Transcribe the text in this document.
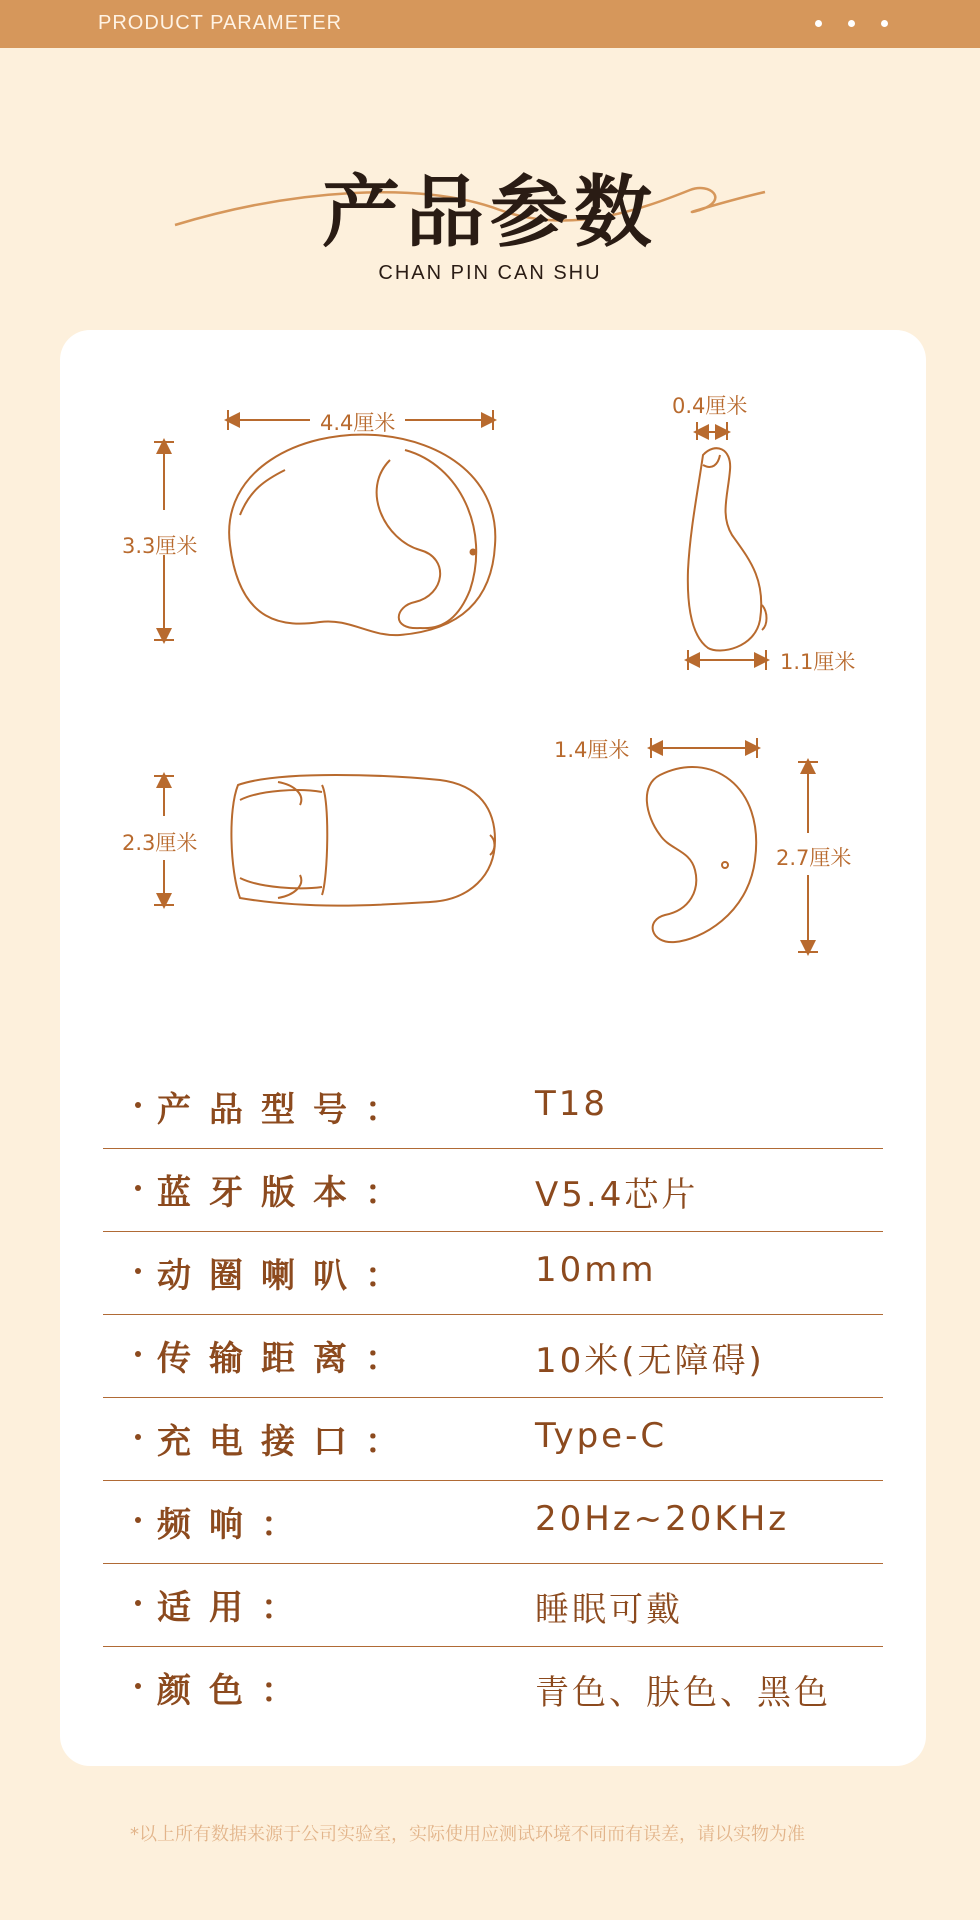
PRODUCT PARAMETER
产品参数
CHAN PIN CAN SHU
4.4厘米
3.3厘米
0.4厘米
1.1厘米
2.3厘米
1.4厘米
2.7厘米
产品型号：	T18
蓝牙版本：	V5.4芯片
动圈喇叭：	10mm
传输距离：	10米(无障碍)
充电接口：	Type-C
频响：	20Hz~20KHz
适用：	睡眠可戴
颜色：	青色、肤色、黑色
*以上所有数据来源于公司实验室，实际使用应测试环境不同而有误差，请以实物为准
